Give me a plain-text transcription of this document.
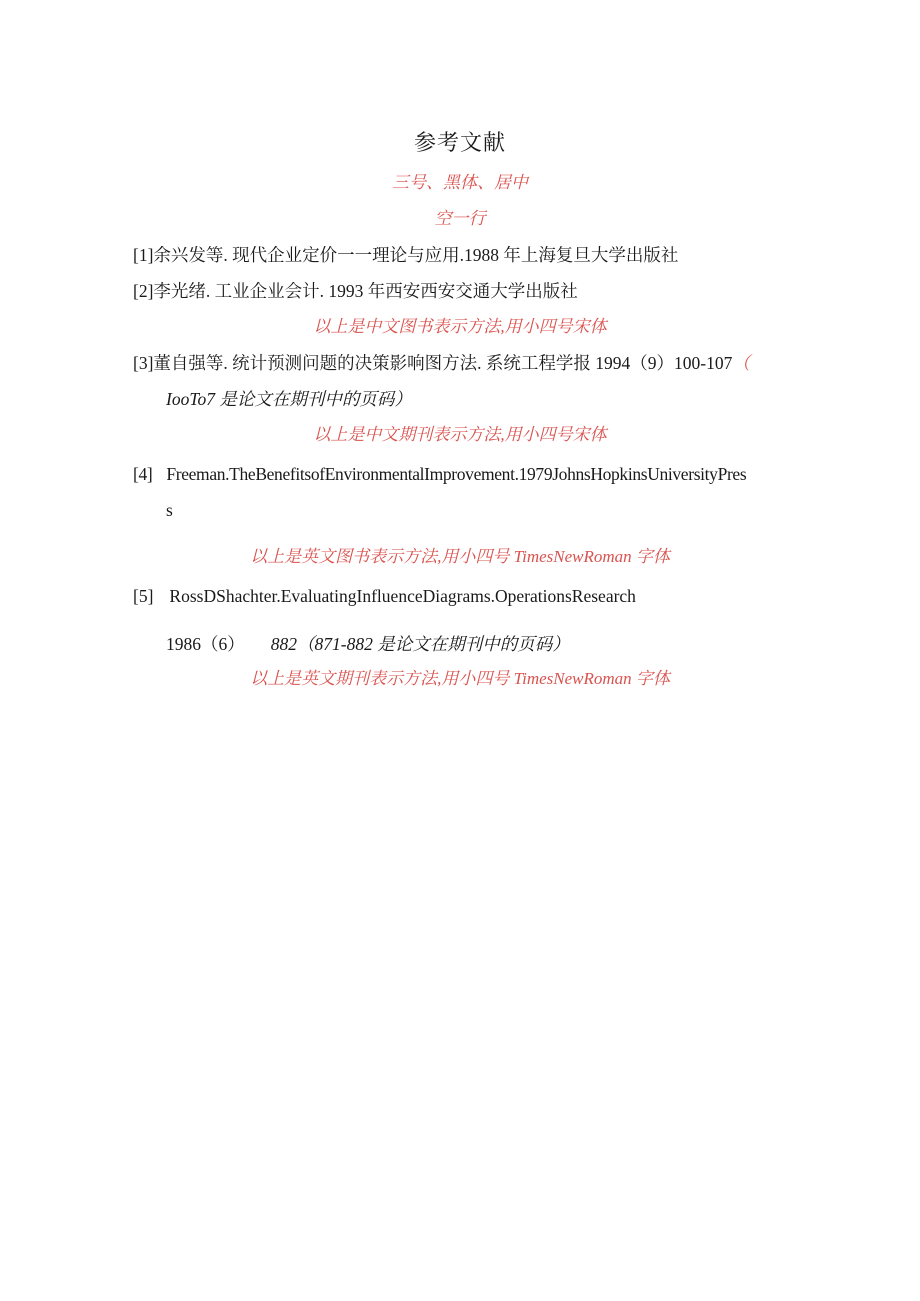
参考文献
三号、黑体、居中
空一行
[1]余兴发等. 现代企业定价一一理论与应用.1988 年上海复旦大学出版社
[2]李光绪. 工业企业会计. 1993 年西安西安交通大学出版社
以上是中文图书表示方法,用小四号宋体
[3]董自强等. 统计预测问题的决策影响图方法. 系统工程学报 1994（9）100-107（
IooTo7 是论文在期刊中的页码）
以上是中文期刊表示方法,用小四号宋体
[4] Freeman.TheBenefitsofEnvironmentalImprovement.1979JohnsHopkinsUniversityPres
s
以上是英文图书表示方法,用小四号 TimesNewRoman 字体
[5] RossDShachter.EvaluatingInfluenceDiagrams.OperationsResearch
1986（6） 882（871-882 是论文在期刊中的页码）
以上是英文期刊表示方法,用小四号 TimesNewRoman 字体
